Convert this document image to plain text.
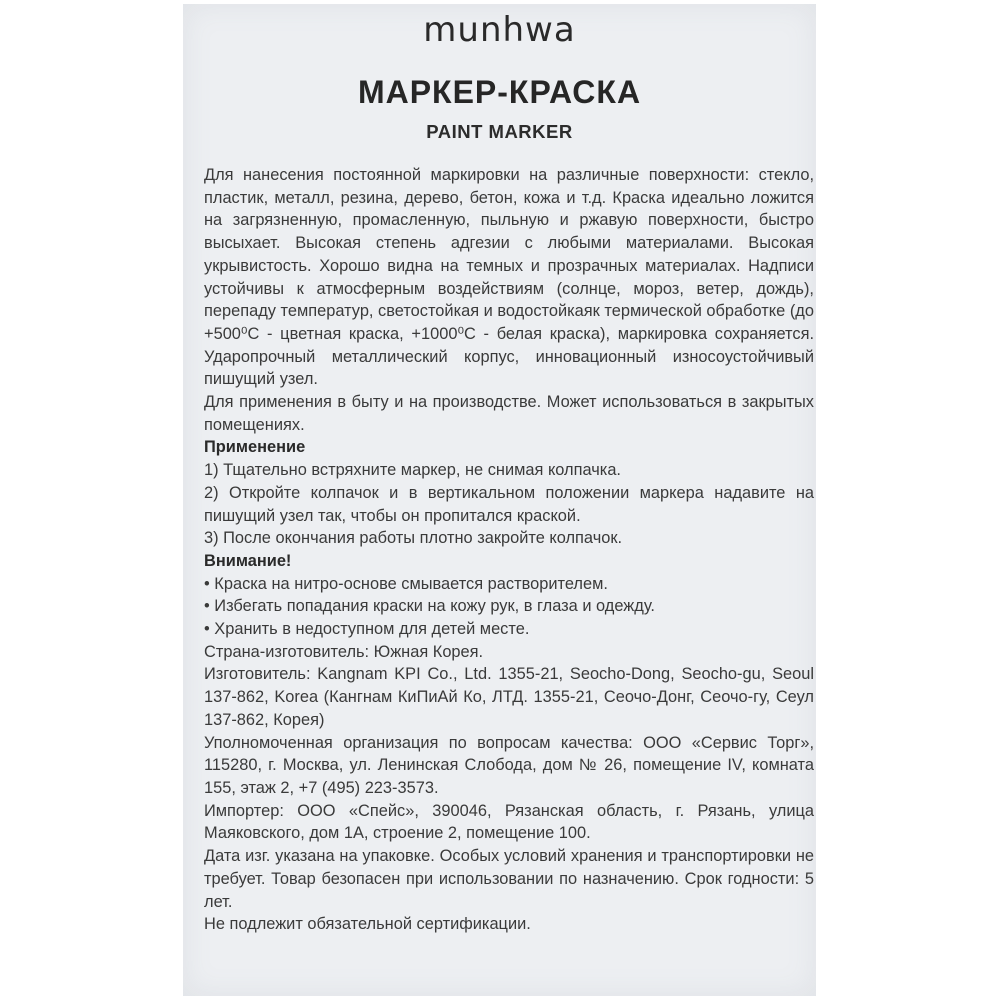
munhwa
МАРКЕР-КРАСКА
PAINT MARKER

Для нанесения постоянной маркировки на различные поверхности: стекло, пластик, металл, резина, дерево, бетон, кожа и т.д. Краска идеально ложится на загрязненную, промасленную, пыльную и ржавую поверхности, быстро высыхает. Высокая степень адгезии с любыми материалами. Высокая укрывистость. Хорошо видна на темных и прозрачных материалах. Надписи устойчивы к атмосферным воздействиям (солнце, мороз, ветер, дождь), перепаду температур, светостойкая и водостойкаяк термической обработке (до +500⁰С - цветная краска, +1000⁰С - белая краска), маркировка сохраняется. Ударопрочный металлический корпус, инновационный износоустойчивый пишущий узел.

Для применения в быту и на производстве. Может использоваться в закрытых помещениях.

Применение

1) Тщательно встряхните маркер, не снимая колпачка.

2) Откройте колпачок и в вертикальном положении маркера надавите на пишущий узел так, чтобы он пропитался краской.

3) После окончания работы плотно закройте колпачок.

Внимание!

• Краска на нитро-основе смывается растворителем.

• Избегать попадания краски на кожу рук, в глаза и одежду.

• Хранить в недоступном для детей месте.

Страна-изготовитель: Южная Корея.

Изготовитель: Kangnam KPI Co., Ltd. 1355-21, Seocho-Dong, Seocho-gu, Seoul 137-862, Korea (Кангнам КиПиАй Ко, ЛТД. 1355-21, Сеочо-Донг, Сеочо-гу, Сеул 137-862, Корея)

Уполномоченная организация по вопросам качества: ООО «Сервис Торг», 115280, г. Москва, ул. Ленинская Слобода, дом № 26, помещение IV, комната 155, этаж 2, +7 (495) 223-3573.

Импортер: ООО «Спейс», 390046, Рязанская область, г. Рязань, улица Маяковского, дом 1А, строение 2, помещение 100.

Дата изг. указана на упаковке. Особых условий хранения и транспортировки не требует. Товар безопасен при использовании по назначению. Срок годности: 5 лет.

Не подлежит обязательной сертификации.
